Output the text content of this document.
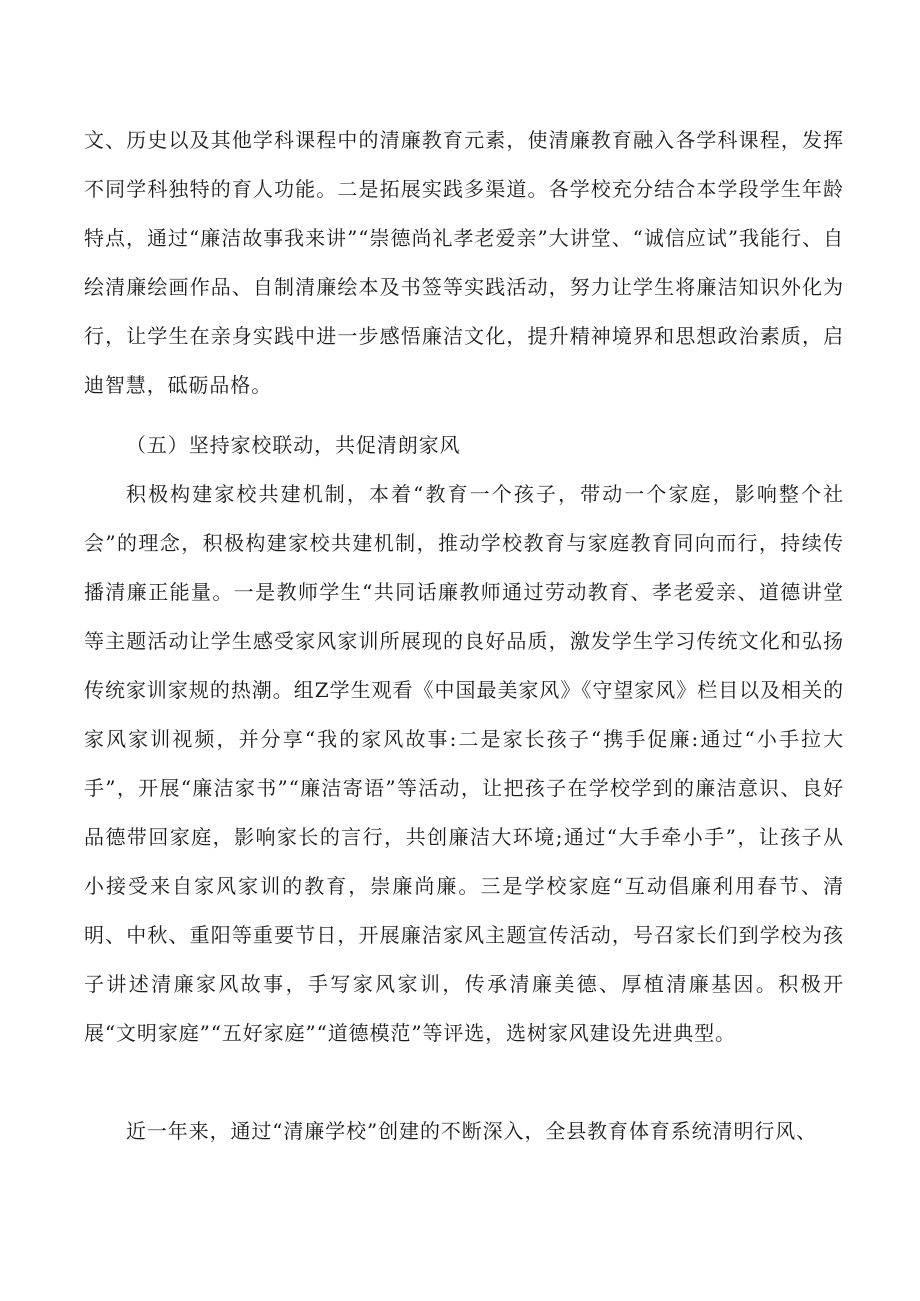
文、历史以及其他学科课程中的清廉教育元素，使清廉教育融入各学科课程，发挥不同学科独特的育人功能。二是拓展实践多渠道。各学校充分结合本学段学生年龄特点，通过“廉洁故事我来讲”“崇德尚礼孝老爱亲”大讲堂、“诚信应试”我能行、自绘清廉绘画作品、自制清廉绘本及书签等实践活动，努力让学生将廉洁知识外化为行，让学生在亲身实践中进一步感悟廉洁文化，提升精神境界和思想政治素质，启迪智慧，砥砺品格。

（五）坚持家校联动，共促清朗家风

积极构建家校共建机制，本着“教育一个孩子，带动一个家庭，影响整个社会”的理念，积极构建家校共建机制，推动学校教育与家庭教育同向而行，持续传播清廉正能量。一是教师学生“共同话廉教师通过劳动教育、孝老爱亲、道德讲堂等主题活动让学生感受家风家训所展现的良好品质，激发学生学习传统文化和弘扬传统家训家规的热潮。组Z学生观看《中国最美家风》《守望家风》栏目以及相关的家风家训视频，并分享“我的家风故事:二是家长孩子“携手促廉:通过“小手拉大手”，开展“廉洁家书”“廉洁寄语”等活动，让把孩子在学校学到的廉洁意识、良好品德带回家庭，影响家长的言行，共创廉洁大环境;通过“大手牵小手”，让孩子从小接受来自家风家训的教育，崇廉尚廉。三是学校家庭“互动倡廉利用春节、清明、中秋、重阳等重要节日，开展廉洁家风主题宣传活动，号召家长们到学校为孩子讲述清廉家风故事，手写家风家训，传承清廉美德、厚植清廉基因。积极开展“文明家庭”“五好家庭”“道德模范”等评选，选树家风建设先进典型。

近一年来，通过“清廉学校”创建的不断深入，全县教育体育系统清明行风、
